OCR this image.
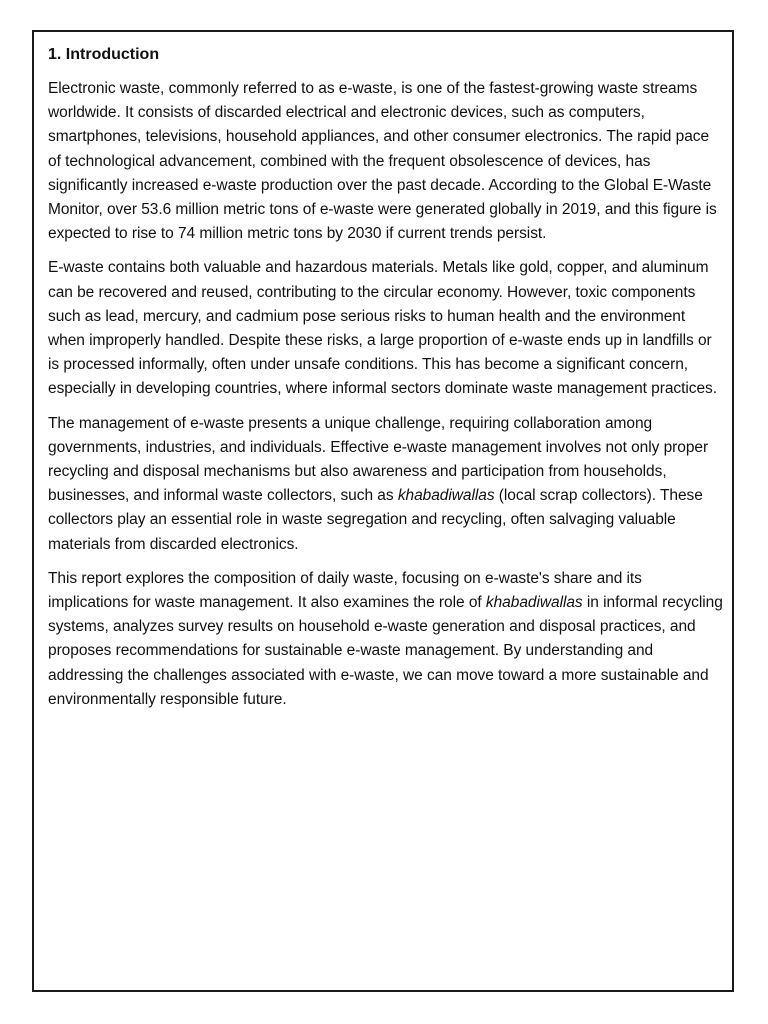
1. Introduction

Electronic waste, commonly referred to as e-waste, is one of the fastest-growing waste streams worldwide. It consists of discarded electrical and electronic devices, such as computers, smartphones, televisions, household appliances, and other consumer electronics. The rapid pace of technological advancement, combined with the frequent obsolescence of devices, has significantly increased e-waste production over the past decade. According to the Global E-Waste Monitor, over 53.6 million metric tons of e-waste were generated globally in 2019, and this figure is expected to rise to 74 million metric tons by 2030 if current trends persist.

E-waste contains both valuable and hazardous materials. Metals like gold, copper, and aluminum can be recovered and reused, contributing to the circular economy. However, toxic components such as lead, mercury, and cadmium pose serious risks to human health and the environment when improperly handled. Despite these risks, a large proportion of e-waste ends up in landfills or is processed informally, often under unsafe conditions. This has become a significant concern, especially in developing countries, where informal sectors dominate waste management practices.

The management of e-waste presents a unique challenge, requiring collaboration among governments, industries, and individuals. Effective e-waste management involves not only proper recycling and disposal mechanisms but also awareness and participation from households, businesses, and informal waste collectors, such as khabadiwallas (local scrap collectors). These collectors play an essential role in waste segregation and recycling, often salvaging valuable materials from discarded electronics.

This report explores the composition of daily waste, focusing on e-waste's share and its implications for waste management. It also examines the role of khabadiwallas in informal recycling systems, analyzes survey results on household e-waste generation and disposal practices, and proposes recommendations for sustainable e-waste management. By understanding and addressing the challenges associated with e-waste, we can move toward a more sustainable and environmentally responsible future.
